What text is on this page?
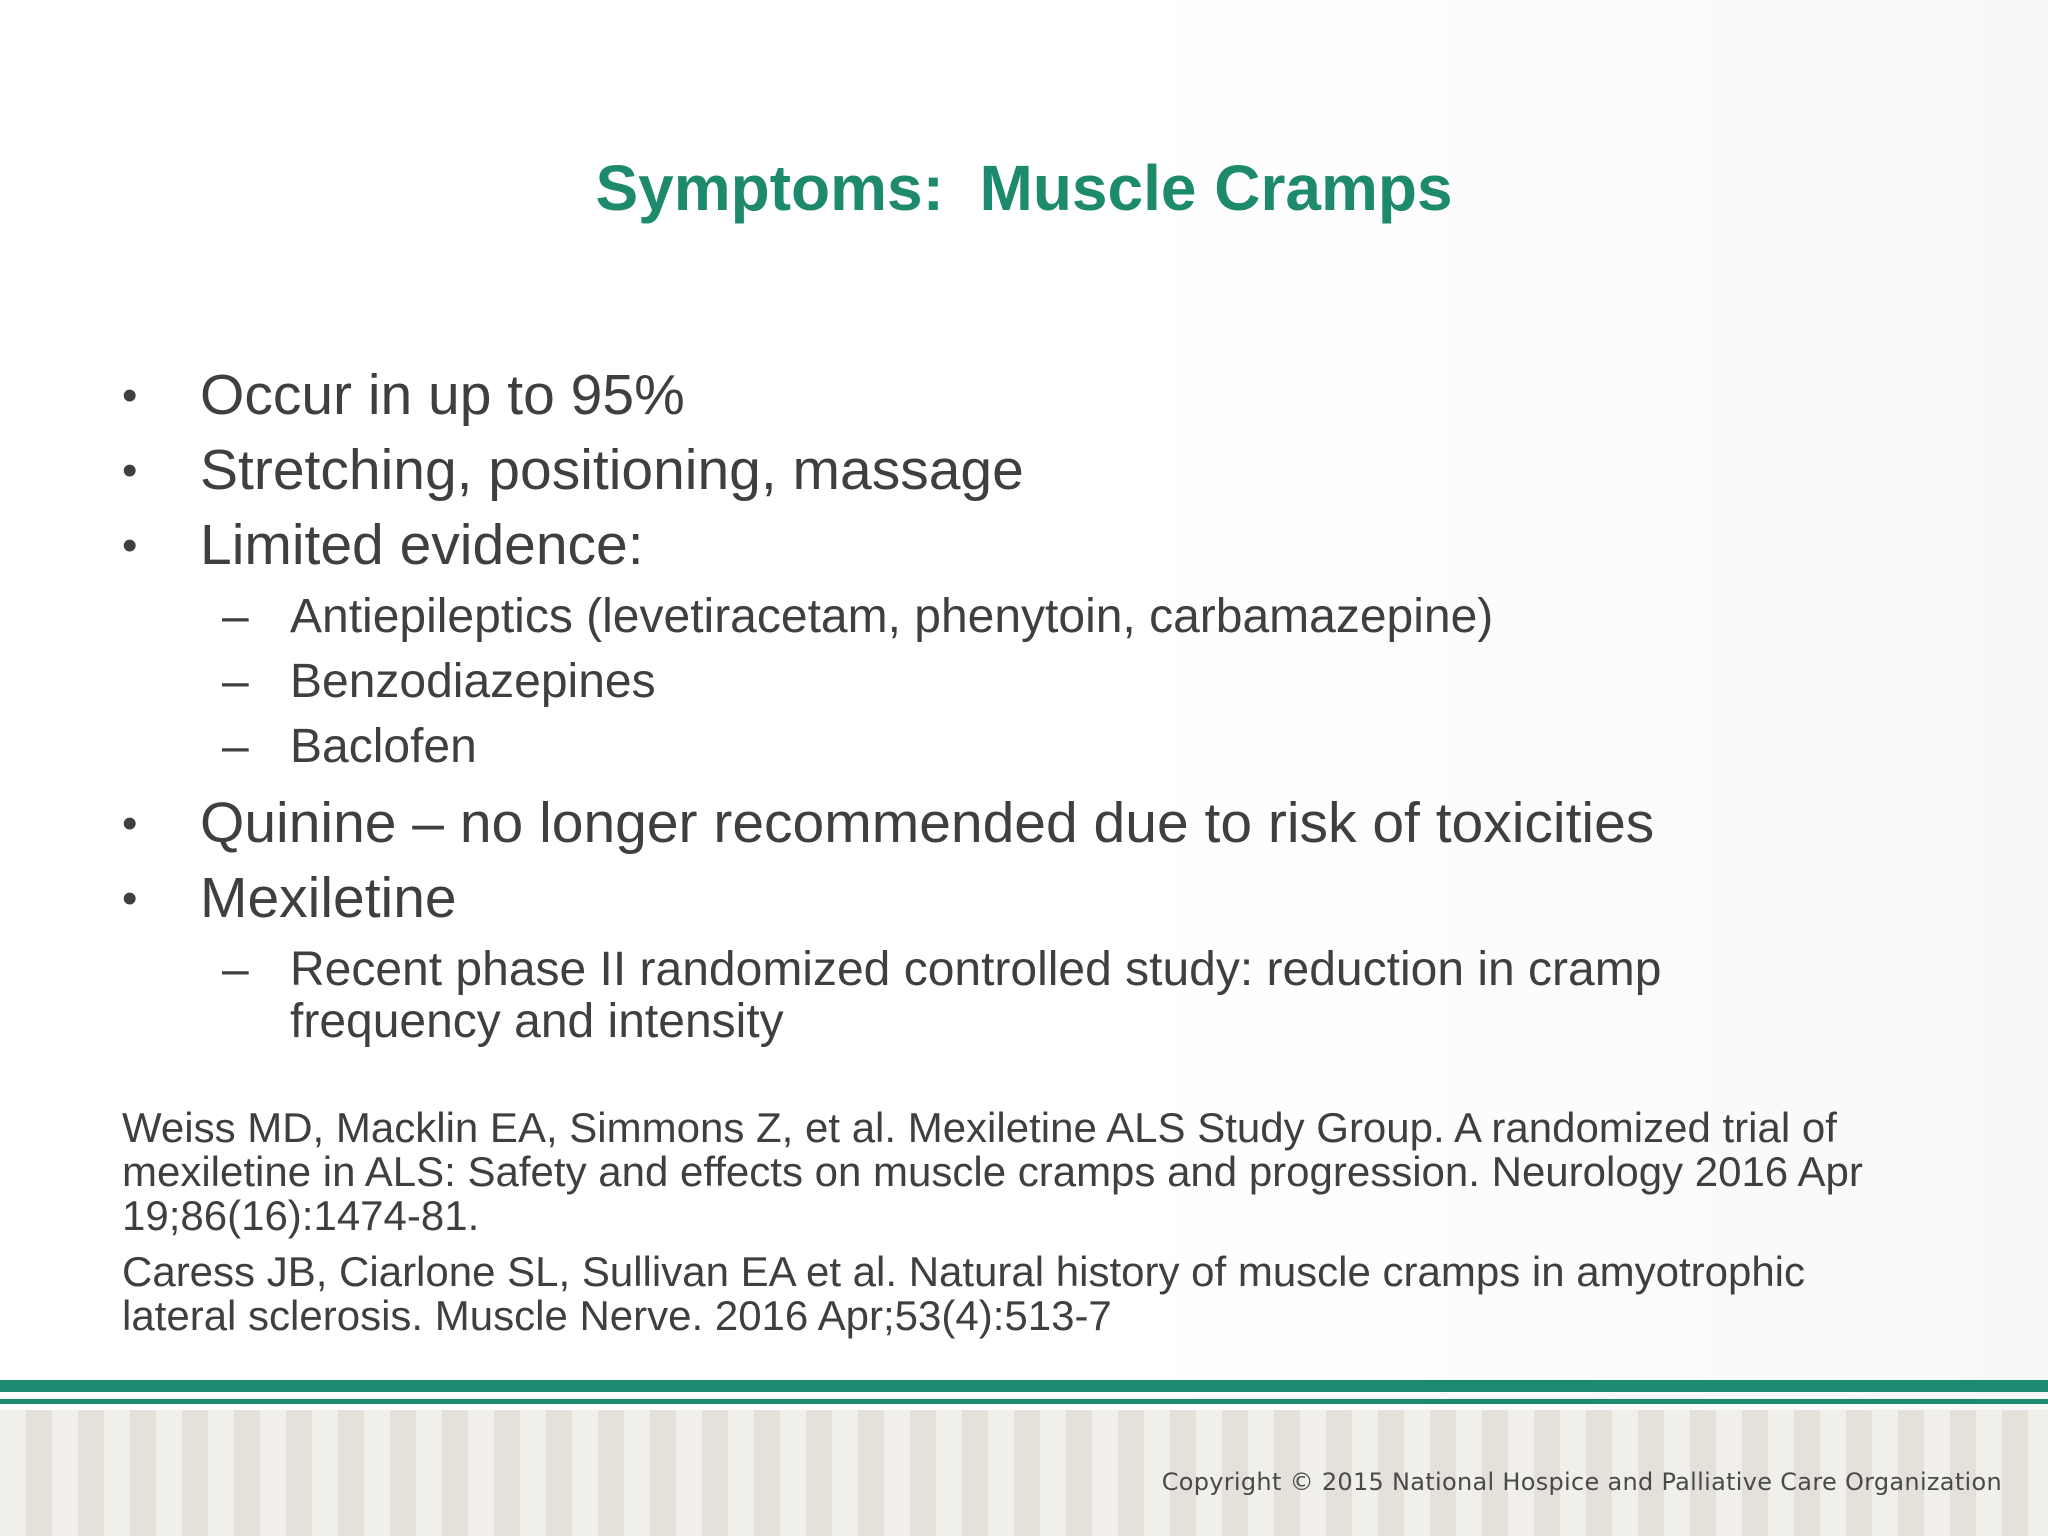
Symptoms:  Muscle Cramps
•	Occur in up to 95%
•	Stretching, positioning, massage
•	Limited evidence:
– Antiepileptics (levetiracetam, phenytoin, carbamazepine)
– Benzodiazepines
– Baclofen
•	Quinine – no longer recommended due to risk of toxicities
•	Mexiletine
– Recent phase II randomized controlled study: reduction in cramp frequency and intensity
Weiss MD, Macklin EA, Simmons Z, et al. Mexiletine ALS Study Group. A randomized trial of mexiletine in ALS: Safety and effects on muscle cramps and progression. Neurology 2016 Apr 19;86(16):1474-81.
Caress JB, Ciarlone SL, Sullivan EA et al. Natural history of muscle cramps in amyotrophic lateral sclerosis. Muscle Nerve. 2016 Apr;53(4):513-7
Copyright © 2015 National Hospice and Palliative Care Organization
